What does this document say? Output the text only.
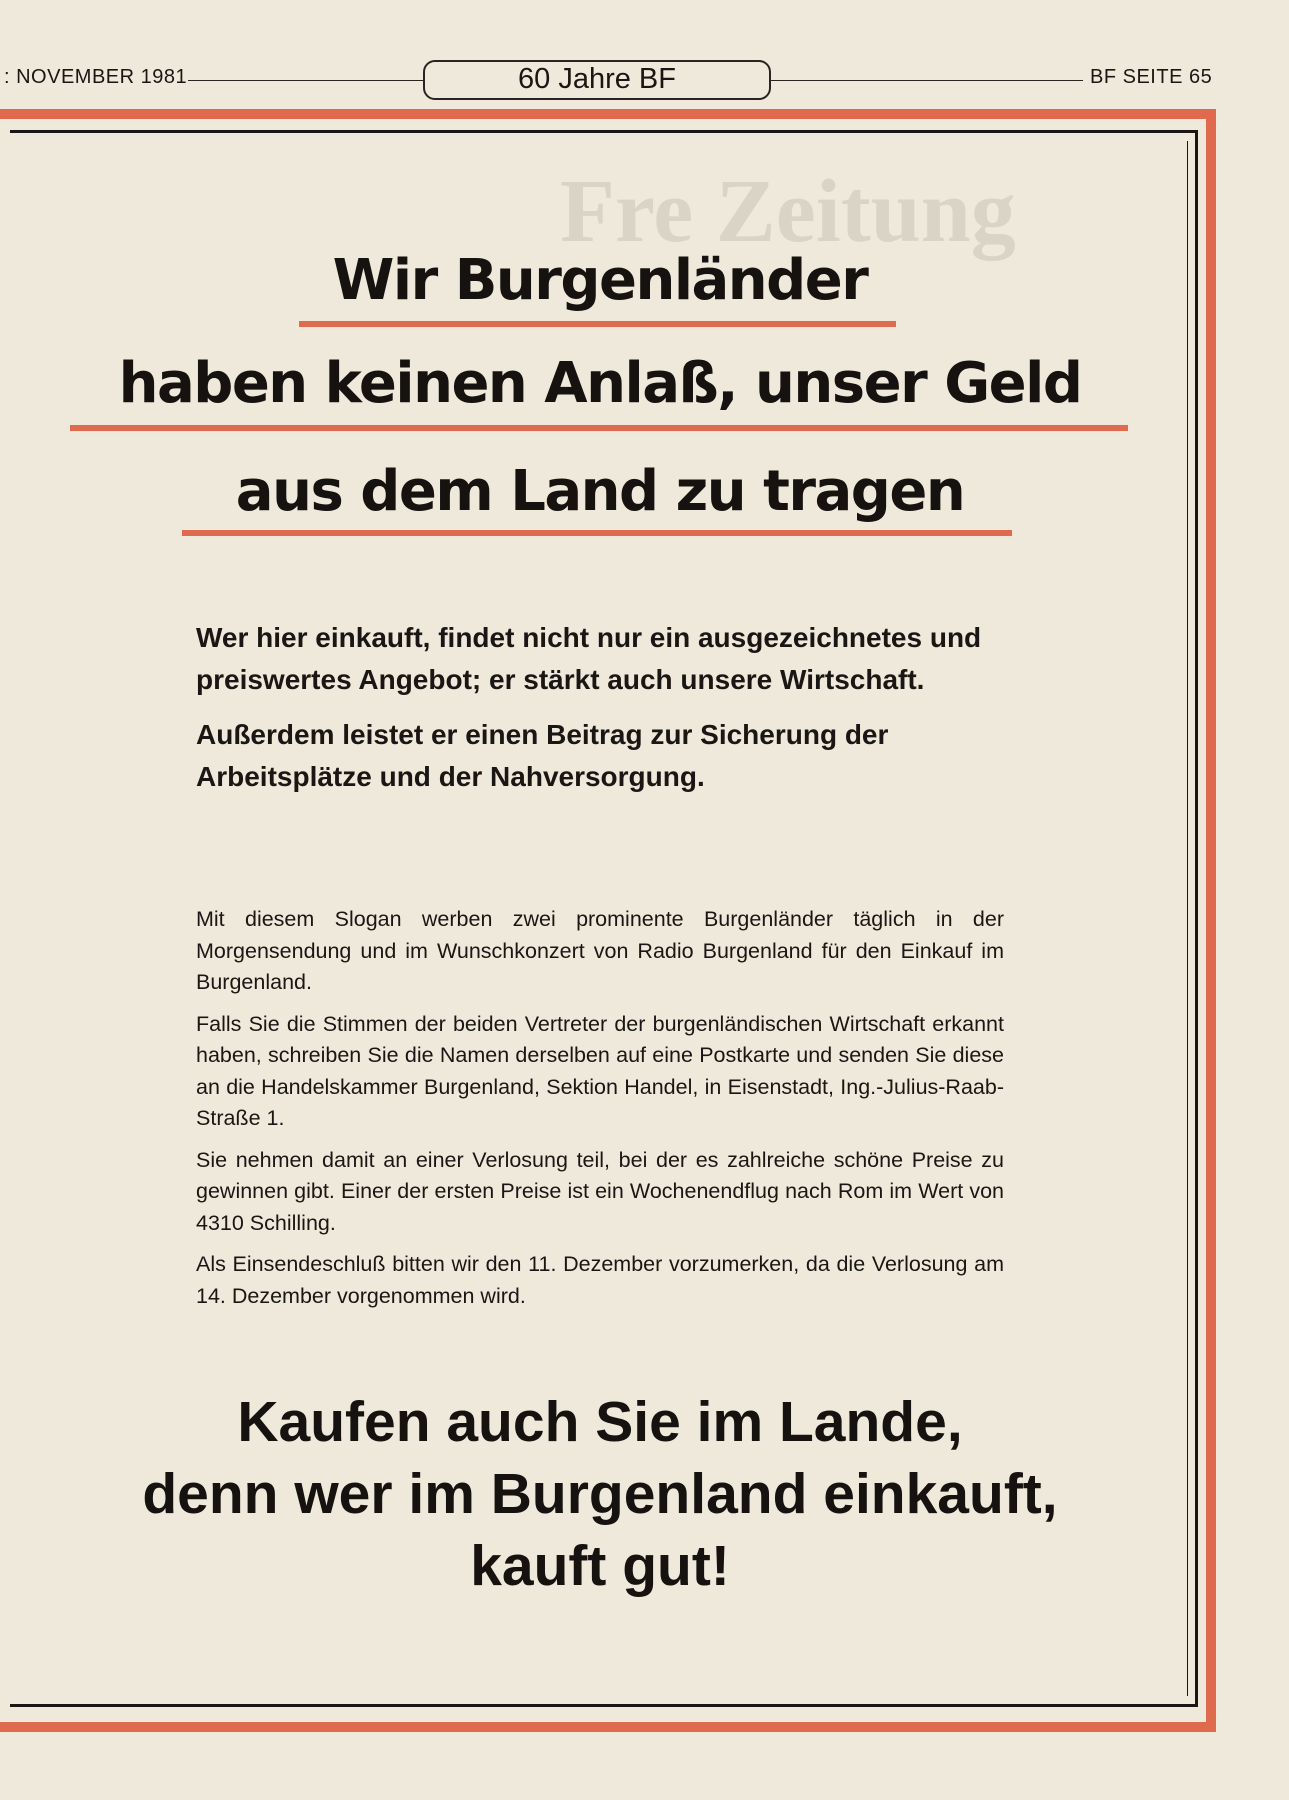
Fre Zeitung
: NOVEMBER 1981	60 Jahre BF	BF SEITE 65
Wir Burgenländer
haben keinen Anlaß, unser Geld
aus dem Land zu tragen

Wer hier einkauft, findet nicht nur ein ausgezeichnetes und preiswertes Angebot; er stärkt auch unsere Wirtschaft.

Außerdem leistet er einen Beitrag zur Sicherung der Arbeitsplätze und der Nahversorgung.

Mit diesem Slogan werben zwei prominente Burgenländer täglich in der Morgensendung und im Wunschkonzert von Radio Burgenland für den Einkauf im Burgenland.

Falls Sie die Stimmen der beiden Vertreter der burgenländischen Wirtschaft erkannt haben, schreiben Sie die Namen derselben auf eine Postkarte und senden Sie diese an die Handelskammer Burgenland, Sektion Handel, in Eisenstadt, Ing.-Julius-Raab-Straße 1.

Sie nehmen damit an einer Verlosung teil, bei der es zahlreiche schöne Preise zu gewinnen gibt. Einer der ersten Preise ist ein Wochenendflug nach Rom im Wert von 4310 Schilling.

Als Einsendeschluß bitten wir den 11. Dezember vorzumerken, da die Verlosung am 14. Dezember vorgenommen wird.

Kaufen auch Sie im Lande,
denn wer im Burgenland einkauft,
kauft gut!
